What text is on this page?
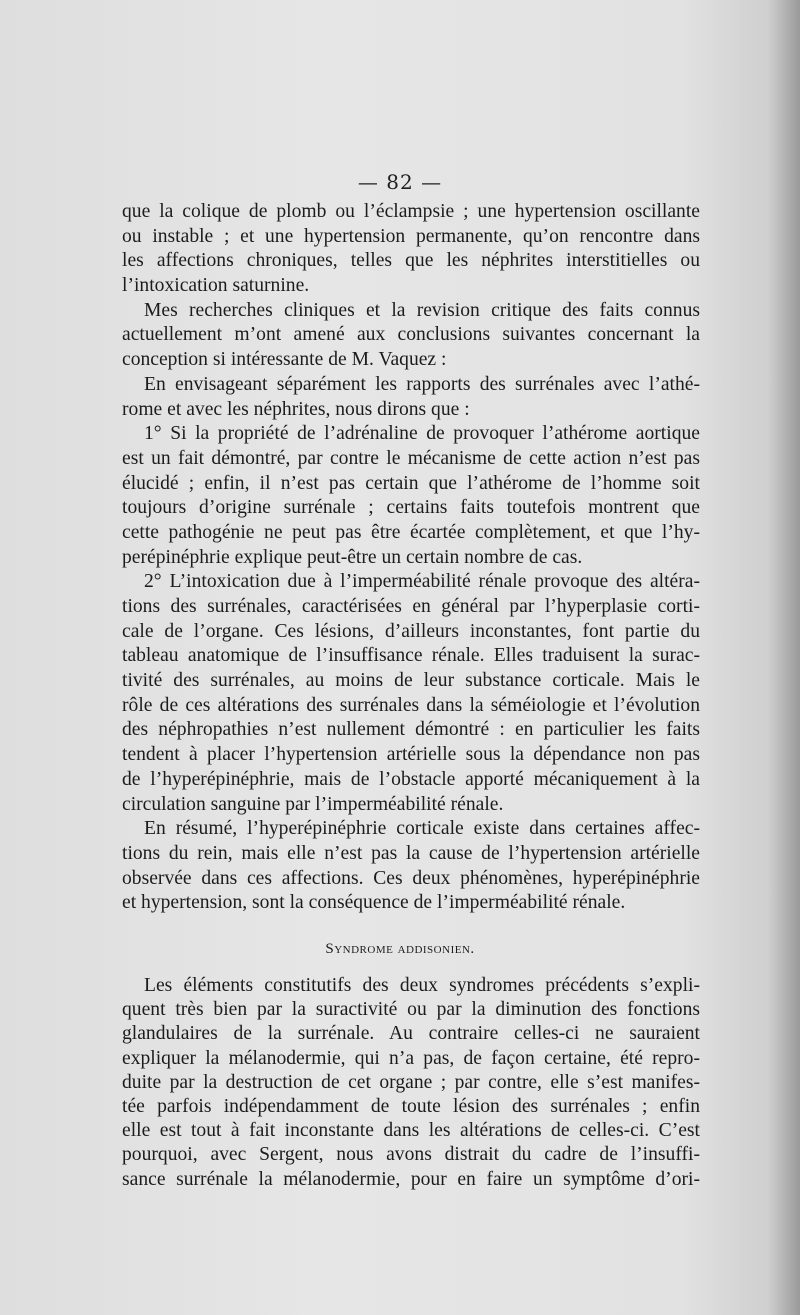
— 82 —

que la colique de plomb ou l’éclampsie ; une hypertension oscillante
ou instable ; et une hypertension permanente, qu’on rencontre dans
les affections chroniques, telles que les néphrites interstitielles ou
l’intoxication saturnine.

Mes recherches cliniques et la revision critique des faits connus
actuellement m’ont amené aux conclusions suivantes concernant la
conception si intéressante de M. Vaquez :

En envisageant séparément les rapports des surrénales avec l’athé-
rome et avec les néphrites, nous dirons que :

1° Si la propriété de l’adrénaline de provoquer l’athérome aortique
est un fait démontré, par contre le mécanisme de cette action n’est pas
élucidé ; enfin, il n’est pas certain que l’athérome de l’homme soit
toujours d’origine surrénale ; certains faits toutefois montrent que
cette pathogénie ne peut pas être écartée complètement, et que l’hy-
perépinéphrie explique peut-être un certain nombre de cas.

2° L’intoxication due à l’imperméabilité rénale provoque des altéra-
tions des surrénales, caractérisées en général par l’hyperplasie corti-
cale de l’organe. Ces lésions, d’ailleurs inconstantes, font partie du
tableau anatomique de l’insuffisance rénale. Elles traduisent la surac-
tivité des surrénales, au moins de leur substance corticale. Mais le
rôle de ces altérations des surrénales dans la séméiologie et l’évolution
des néphropathies n’est nullement démontré : en particulier les faits
tendent à placer l’hypertension artérielle sous la dépendance non pas
de l’hyperépinéphrie, mais de l’obstacle apporté mécaniquement à la
circulation sanguine par l’imperméabilité rénale.

En résumé, l’hyperépinéphrie corticale existe dans certaines affec-
tions du rein, mais elle n’est pas la cause de l’hypertension artérielle
observée dans ces affections. Ces deux phénomènes, hyperépinéphrie
et hypertension, sont la conséquence de l’imperméabilité rénale.

Syndrome addisonien.

Les éléments constitutifs des deux syndromes précédents s’expli-
quent très bien par la suractivité ou par la diminution des fonctions
glandulaires de la surrénale. Au contraire celles-ci ne sauraient
expliquer la mélanodermie, qui n’a pas, de façon certaine, été repro-
duite par la destruction de cet organe ; par contre, elle s’est manifes-
tée parfois indépendamment de toute lésion des surrénales ; enfin
elle est tout à fait inconstante dans les altérations de celles-ci. C’est
pourquoi, avec Sergent, nous avons distrait du cadre de l’insuffi-
sance surrénale la mélanodermie, pour en faire un symptôme d’ori-
